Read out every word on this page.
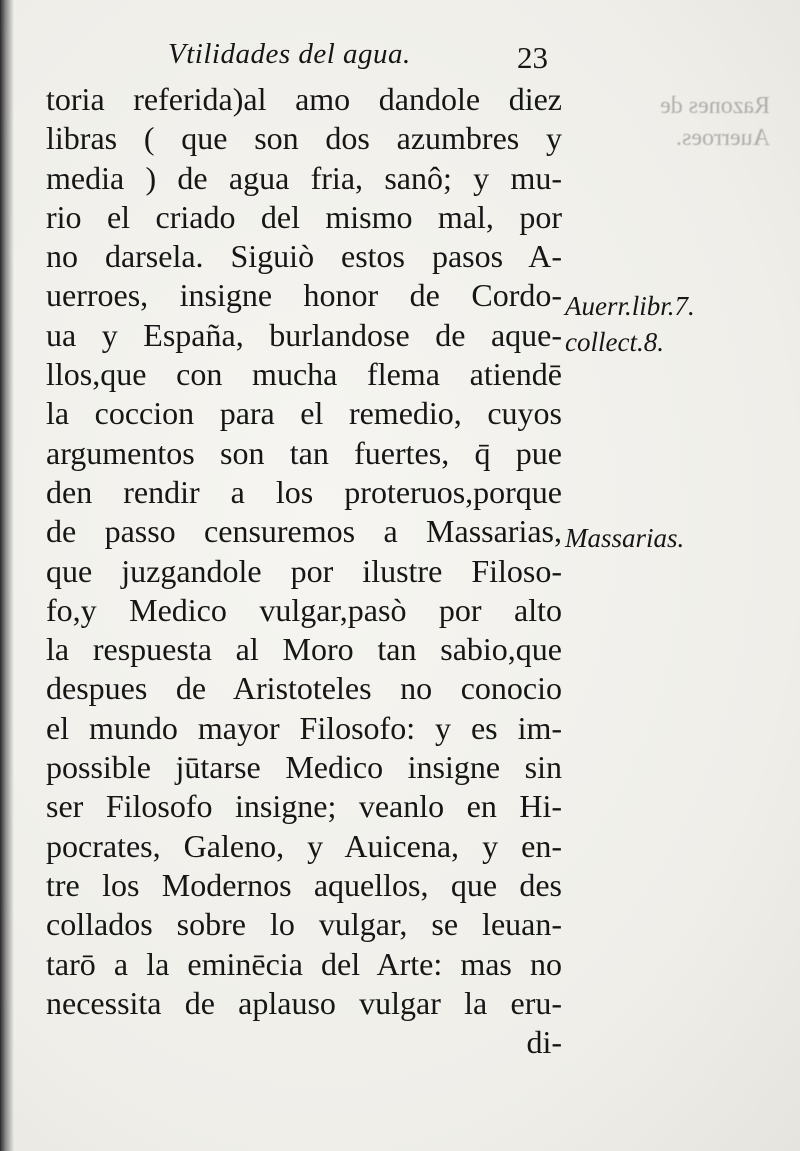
Razones de
Auerroes.
Vtilidades del agua.	23
toria referida)al amo dandole diez
libras ( que son dos azumbres y
media ) de agua fria, sanô; y mu-
rio el criado del mismo mal, por
no darsela. Siguiò estos pasos A-
uerroes, insigne honor de Cordo-
ua y España, burlandose de aque-
llos,que con mucha flema atiendē
la coccion para el remedio, cuyos
argumentos son tan fuertes, q̄ pue
den rendir a los proteruos,porque
de passo censuremos a Massarias,
que juzgandole por ilustre Filoso-
fo,y Medico vulgar,pasò por alto
la respuesta al Moro tan sabio,que
despues de Aristoteles no conocio
el mundo mayor Filosofo: y es im-
possible jūtarse Medico insigne sin
ser Filosofo insigne; veanlo en Hi-
pocrates, Galeno, y Auicena, y en-
tre los Modernos aquellos, que des
collados sobre lo vulgar, se leuan-
tarō a la eminēcia del Arte: mas no
necessita de aplauso vulgar la eru-
di-
Auerr.libr.7.
collect.8.
Massarias.
